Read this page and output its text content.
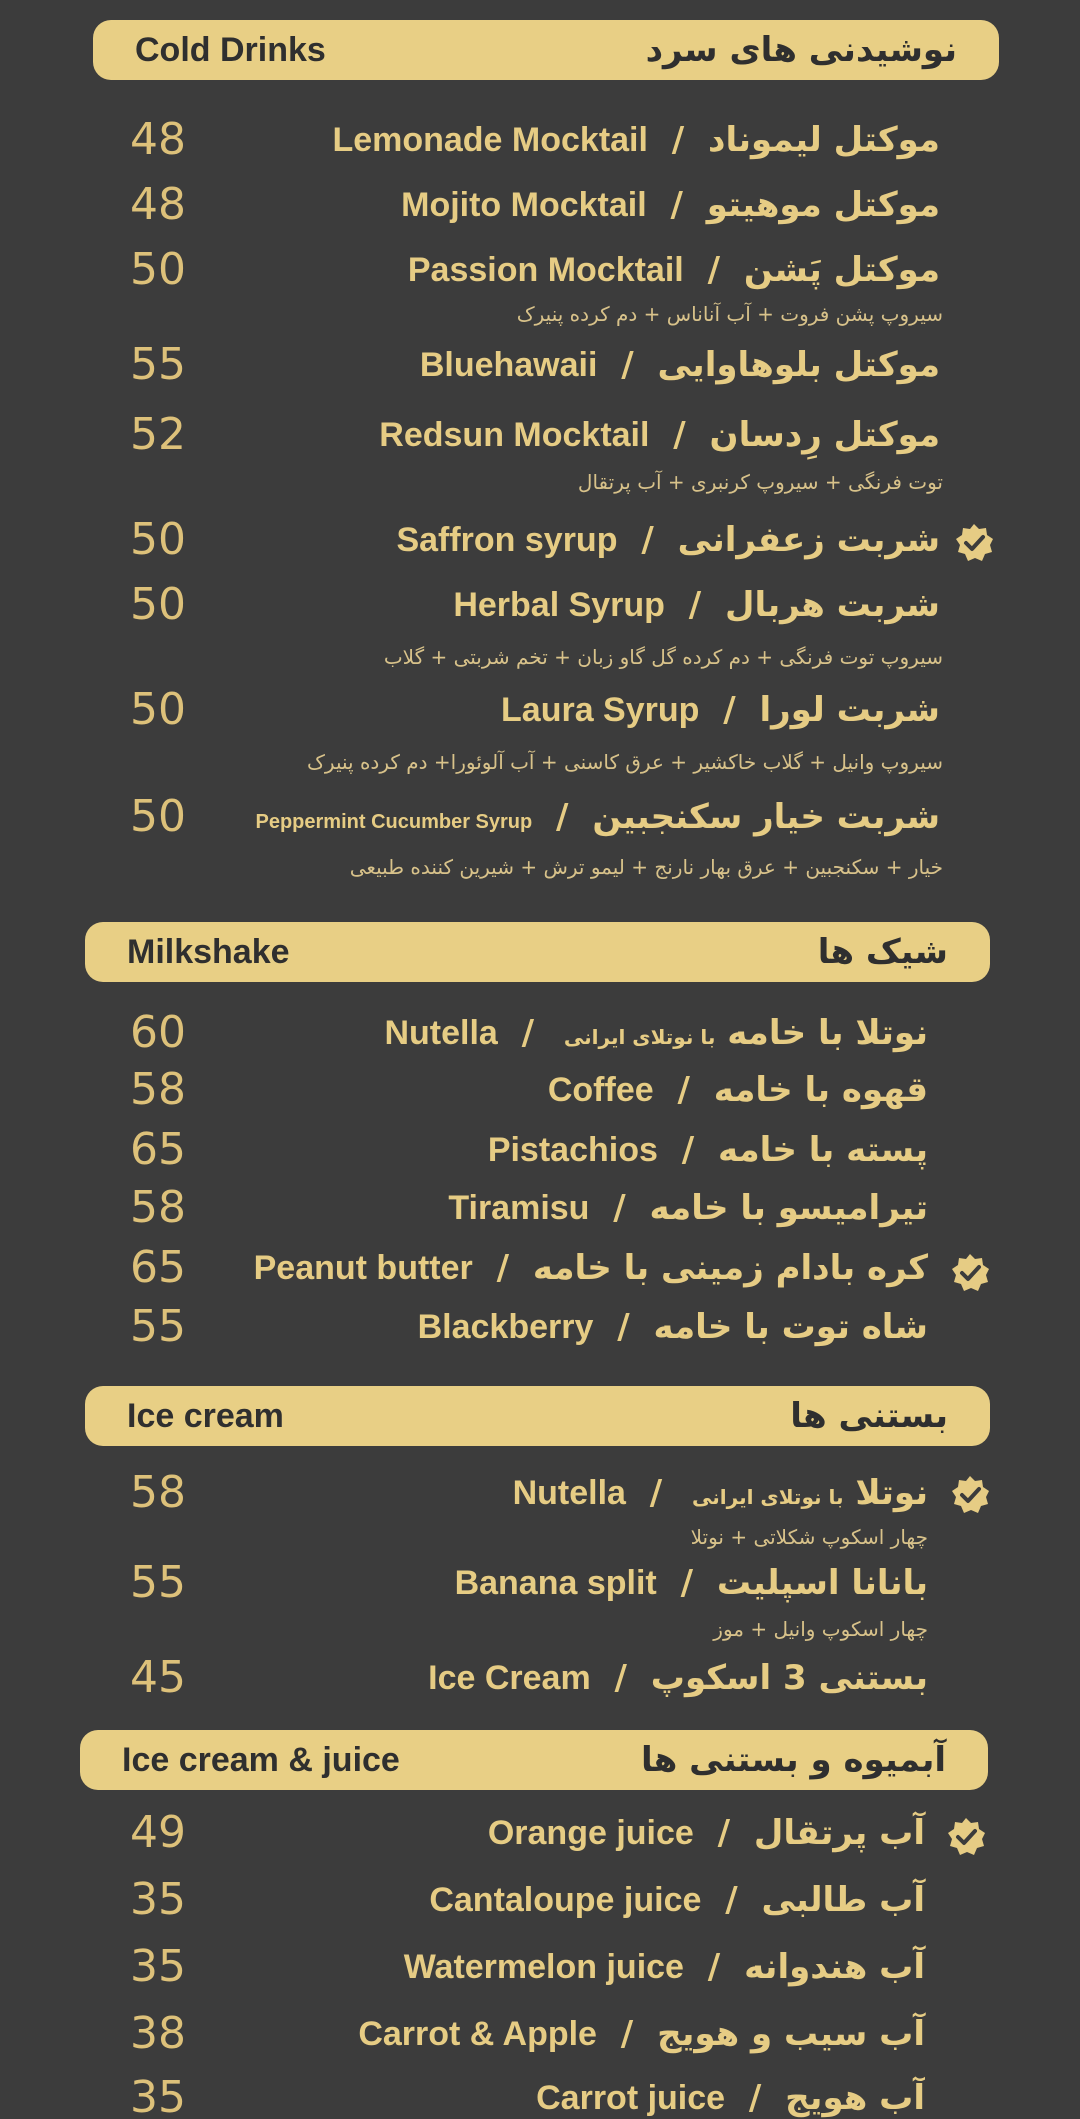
Cold Drinks	نوشیدنی های سرد
48	Lemonade Mocktail / موکتل لیموناد
48	Mojito Mocktail / موکتل موهیتو
50	Passion Mocktail / موکتل پَشن
سیروپ پشن فروت + آب آناناس + دم کرده پنیرک
55	Bluehawaii / موکتل بلوهاوایی
52	Redsun Mocktail / موکتل رِدسان
توت فرنگی + سیروپ کرنبری + آب پرتقال
50	Saffron syrup / شربت زعفرانی
50	Herbal Syrup / شربت هربال
سیروپ توت فرنگی + دم کرده گل گاو زبان + تخم شربتی + گلاب
50	Laura Syrup / شربت لورا
سیروپ وانیل + گلاب خاکشیر + عرق کاسنی + آب آلوئورا+ دم کرده پنیرک
50	Peppermint Cucumber Syrup / شربت خیار سکنجبین
خیار + سکنجبین + عرق بهار نارنج + لیمو ترش + شیرین کننده طبیعی
Milkshake	شیک ها
60	Nutella / با نوتلای ایرانی نوتلا با خامه
58	Coffee / قهوه با خامه
65	Pistachios / پسته با خامه
58	Tiramisu / تیرامیسو با خامه
65 Peanut butter / کره بادام زمینی با خامه
55	Blackberry / شاه توت با خامه
Ice cream	بستنی ها
58	Nutella / با نوتلای ایرانی نوتلا
چهار اسکوپ شکلاتی + نوتلا
55	Banana split / بانانا اسپلیت
چهار اسکوپ وانیل + موز
45	Ice Cream / بستنی 3 اسکوپ
Ice cream & juice	آبمیوه و بستنی ها
49	Orange juice / آب پرتقال
35	Cantaloupe juice / آب طالبی
35	Watermelon juice / آب هندوانه
38	Carrot & Apple / آب سیب و هویج
35	Carrot juice / آب هویج
